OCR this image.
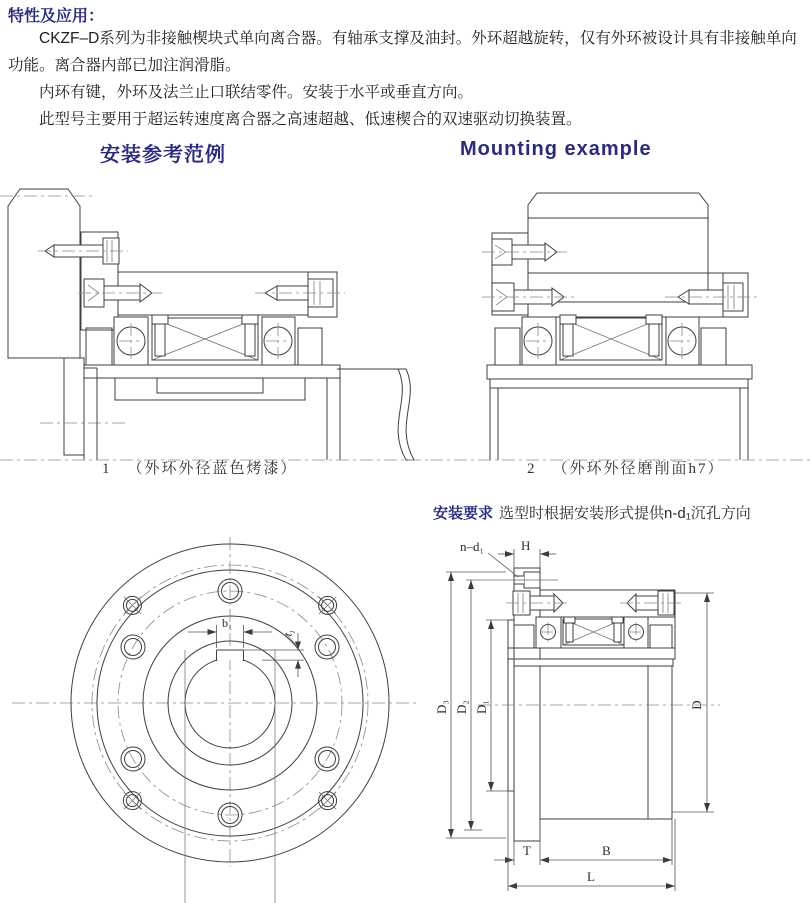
特性及应用：

CKZF–D系列为非接触楔块式单向离合器。有轴承支撑及油封。外环超越旋转，仅有外环被设计具有非接触单向功能。离合器内部已加注润滑脂。

内环有键，外环及法兰止口联结零件。安装于水平或垂直方向。

此型号主要用于超运转速度离合器之高速超越、低速楔合的双速驱动切换装置。

安装参考范例	Mounting example
1 （外环外径蓝色烤漆）	2 （外环外径磨削面h7）
安装要求 选型时根据安装形式提供n-d₁沉孔方向
b₁
t₁
H
n–d₁
D₃ D₂ D₁	D
T	B
L
